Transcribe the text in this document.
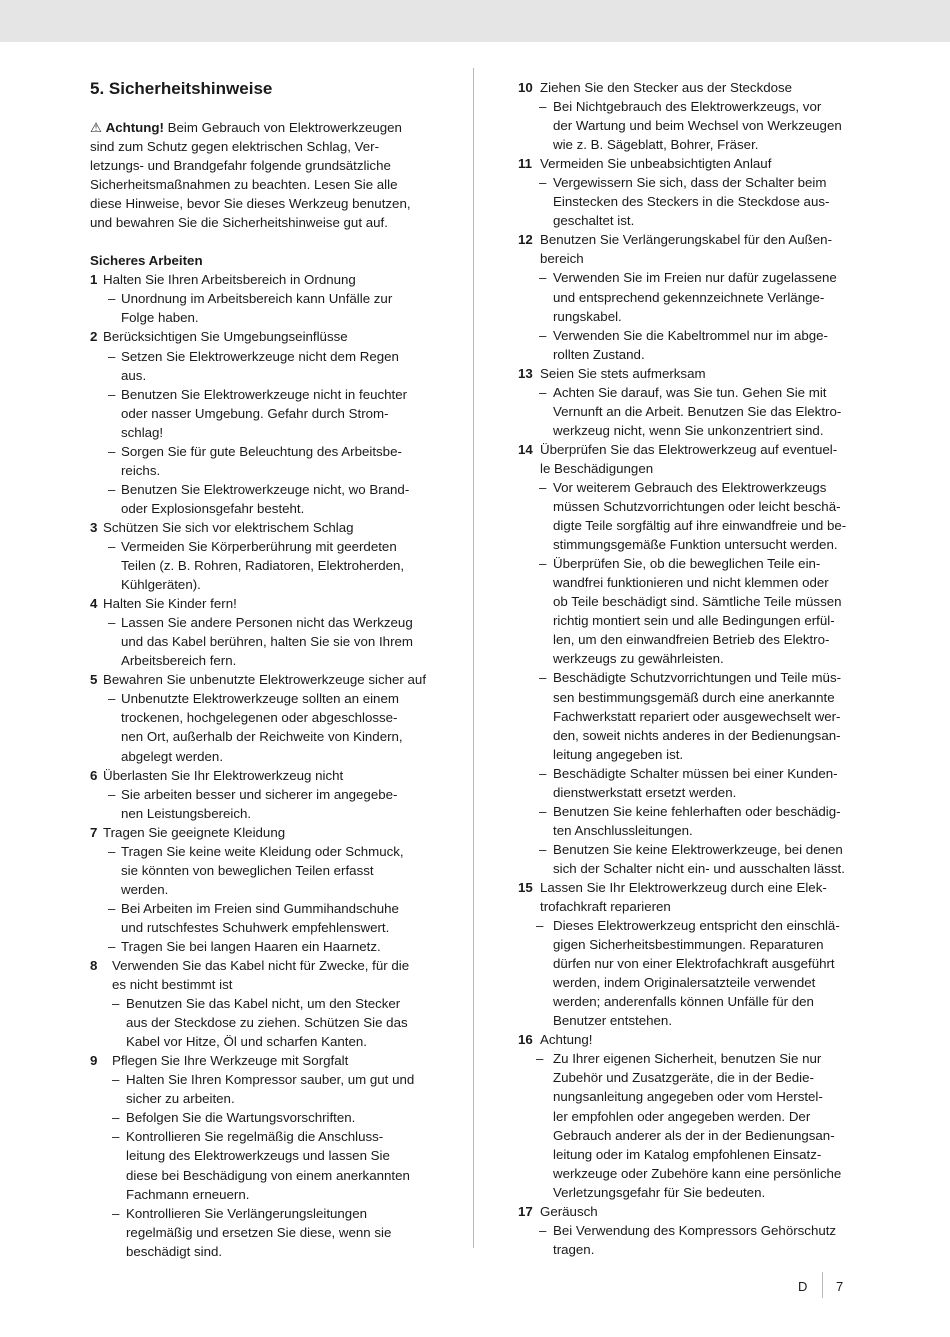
5. Sicherheitshinweise
⚠ Achtung! Beim Gebrauch von Elektrowerkzeugen
sind zum Schutz gegen elektrischen Schlag, Ver-
letzungs- und Brandgefahr folgende grundsätzliche
Sicherheitsmaßnahmen zu beachten. Lesen Sie alle
diese Hinweise, bevor Sie dieses Werkzeug benutzen,
und bewahren Sie die Sicherheitshinweise gut auf.
Sicheres Arbeiten
1 Halten Sie Ihren Arbeitsbereich in Ordnung
– Unordnung im Arbeitsbereich kann Unfälle zur
Folge haben.
2 Berücksichtigen Sie Umgebungseinflüsse
– Setzen Sie Elektrowerkzeuge nicht dem Regen
aus.
– Benutzen Sie Elektrowerkzeuge nicht in feuchter
oder nasser Umgebung. Gefahr durch Strom-
schlag!
– Sorgen Sie für gute Beleuchtung des Arbeitsbe-
reichs.
– Benutzen Sie Elektrowerkzeuge nicht, wo Brand-
oder Explosionsgefahr besteht.
3 Schützen Sie sich vor elektrischem Schlag
– Vermeiden Sie Körperberührung mit geerdeten
Teilen (z. B. Rohren, Radiatoren, Elektroherden,
Kühlgeräten).
4 Halten Sie Kinder fern!
– Lassen Sie andere Personen nicht das Werkzeug
und das Kabel berühren, halten Sie sie von Ihrem
Arbeitsbereich fern.
5 Bewahren Sie unbenutzte Elektrowerkzeuge sicher auf
– Unbenutzte Elektrowerkzeuge sollten an einem
trockenen, hochgelegenen oder abgeschlosse-
nen Ort, außerhalb der Reichweite von Kindern,
abgelegt werden.
6 Überlasten Sie Ihr Elektrowerkzeug nicht
– Sie arbeiten besser und sicherer im angegebe-
nen Leistungsbereich.
7 Tragen Sie geeignete Kleidung
– Tragen Sie keine weite Kleidung oder Schmuck,
sie könnten von beweglichen Teilen erfasst
werden.
– Bei Arbeiten im Freien sind Gummihandschuhe
und rutschfestes Schuhwerk empfehlenswert.
– Tragen Sie bei langen Haaren ein Haarnetz.
8 Verwenden Sie das Kabel nicht für Zwecke, für die
es nicht bestimmt ist
– Benutzen Sie das Kabel nicht, um den Stecker
aus der Steckdose zu ziehen. Schützen Sie das
Kabel vor Hitze, Öl und scharfen Kanten.
9 Pflegen Sie Ihre Werkzeuge mit Sorgfalt
– Halten Sie Ihren Kompressor sauber, um gut und
sicher zu arbeiten.
– Befolgen Sie die Wartungsvorschriften.
– Kontrollieren Sie regelmäßig die Anschluss-
leitung des Elektrowerkzeugs und lassen Sie
diese bei Beschädigung von einem anerkannten
Fachmann erneuern.
– Kontrollieren Sie Verlängerungsleitungen
regelmäßig und ersetzen Sie diese, wenn sie
beschädigt sind.
10 Ziehen Sie den Stecker aus der Steckdose
– Bei Nichtgebrauch des Elektrowerkzeugs, vor
der Wartung und beim Wechsel von Werkzeugen
wie z. B. Sägeblatt, Bohrer, Fräser.
11 Vermeiden Sie unbeabsichtigten Anlauf
– Vergewissern Sie sich, dass der Schalter beim
Einstecken des Steckers in die Steckdose aus-
geschaltet ist.
12 Benutzen Sie Verlängerungskabel für den Außen-
bereich
– Verwenden Sie im Freien nur dafür zugelassene
und entsprechend gekennzeichnete Verlänge-
rungskabel.
– Verwenden Sie die Kabeltrommel nur im abge-
rollten Zustand.
13 Seien Sie stets aufmerksam
– Achten Sie darauf, was Sie tun. Gehen Sie mit
Vernunft an die Arbeit. Benutzen Sie das Elektro-
werkzeug nicht, wenn Sie unkonzentriert sind.
14 Überprüfen Sie das Elektrowerkzeug auf eventuel-
le Beschädigungen
– Vor weiterem Gebrauch des Elektrowerkzeugs
müssen Schutzvorrichtungen oder leicht beschä-
digte Teile sorgfältig auf ihre einwandfreie und be-
stimmungsgemäße Funktion untersucht werden.
– Überprüfen Sie, ob die beweglichen Teile ein-
wandfrei funktionieren und nicht klemmen oder
ob Teile beschädigt sind. Sämtliche Teile müssen
richtig montiert sein und alle Bedingungen erfül-
len, um den einwandfreien Betrieb des Elektro-
werkzeugs zu gewährleisten.
– Beschädigte Schutzvorrichtungen und Teile müs-
sen bestimmungsgemäß durch eine anerkannte
Fachwerkstatt repariert oder ausgewechselt wer-
den, soweit nichts anderes in der Bedienungsan-
leitung angegeben ist.
– Beschädigte Schalter müssen bei einer Kunden-
dienstwerkstatt ersetzt werden.
– Benutzen Sie keine fehlerhaften oder beschädig-
ten Anschlussleitungen.
– Benutzen Sie keine Elektrowerkzeuge, bei denen
sich der Schalter nicht ein- und ausschalten lässt.
15 Lassen Sie Ihr Elektrowerkzeug durch eine Elek-
trofachkraft reparieren
– Dieses Elektrowerkzeug entspricht den einschlä-
gigen Sicherheitsbestimmungen. Reparaturen
dürfen nur von einer Elektrofachkraft ausgeführt
werden, indem Originalersatzteile verwendet
werden; anderenfalls können Unfälle für den
Benutzer entstehen.
16 Achtung!
– Zu Ihrer eigenen Sicherheit, benutzen Sie nur
Zubehör und Zusatzgeräte, die in der Bedie-
nungsanleitung angegeben oder vom Herstel-
ler empfohlen oder angegeben werden. Der
Gebrauch anderer als der in der Bedienungsan-
leitung oder im Katalog empfohlenen Einsatz-
werkzeuge oder Zubehöre kann eine persönliche
Verletzungsgefahr für Sie bedeuten.
17 Geräusch
– Bei Verwendung des Kompressors Gehörschutz
tragen.
D 7
